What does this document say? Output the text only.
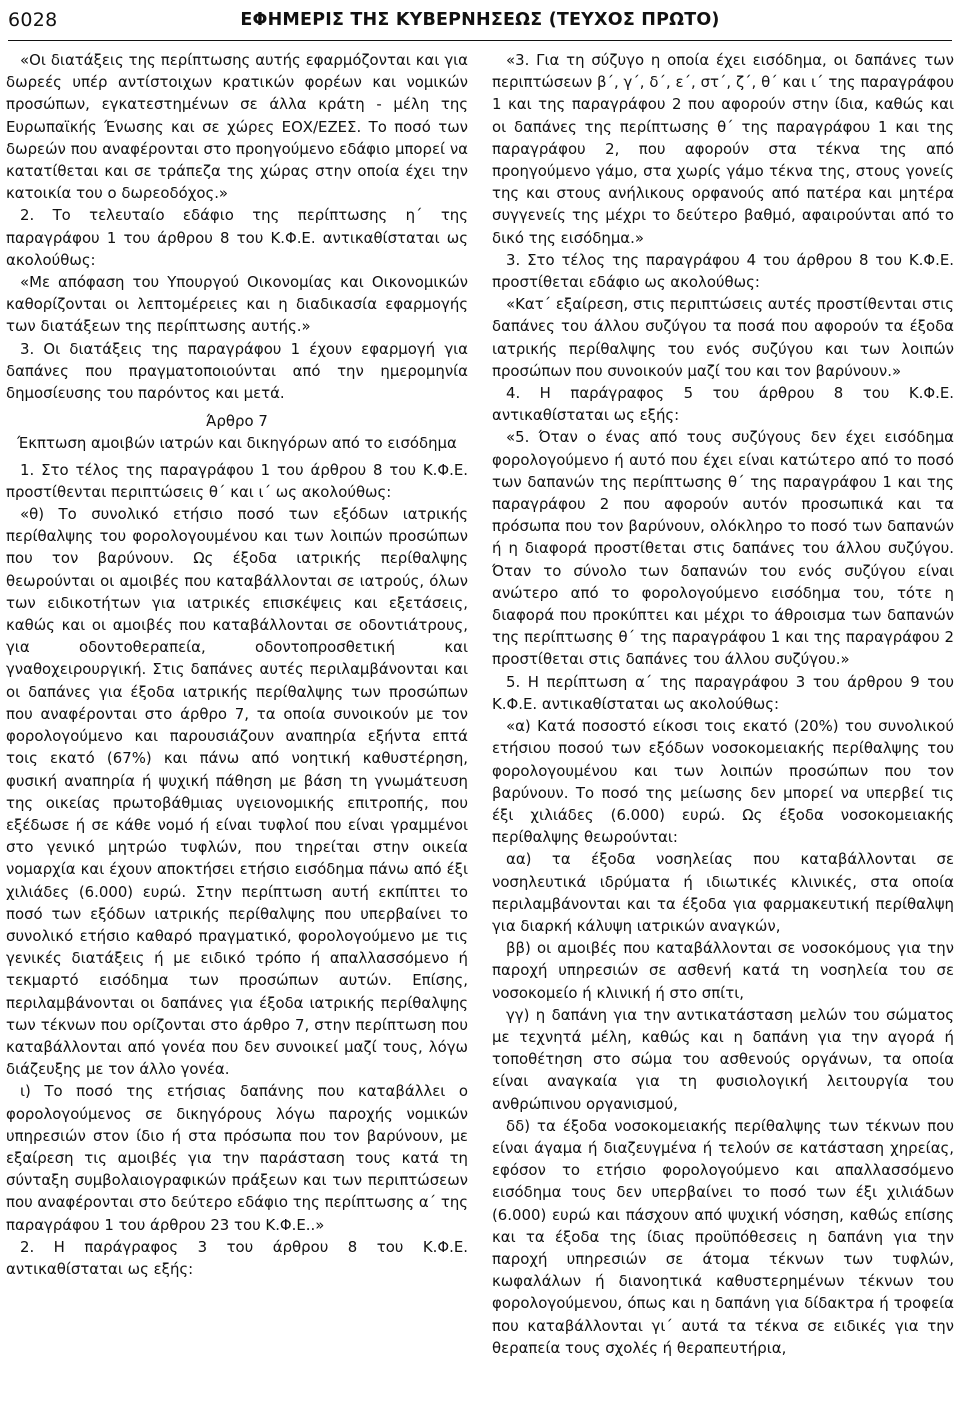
6028	ΕΦΗΜΕΡΙΣ ΤΗΣ ΚΥΒΕΡΝΗΣΕΩΣ (ΤΕΥΧΟΣ ΠΡΩΤΟ)

«Οι διατάξεις της περίπτωσης αυτής εφαρμόζονται και για δωρεές υπέρ αντίστοιχων κρατικών φορέων και νομικών προσώπων, εγκατεστημένων σε άλλα κράτη - μέλη της Ευρωπαϊκής Ένωσης και σε χώρες ΕΟΧ/ΕΖΕΣ. Το ποσό των δωρεών που αναφέρονται στο προηγούμενο εδάφιο μπορεί να κατατίθεται και σε τράπεζα της χώρας στην οποία έχει την κατοικία του ο δωρεοδόχος.»

2. Το τελευταίο εδάφιο της περίπτωσης η΄ της παραγράφου 1 του άρθρου 8 του Κ.Φ.Ε. αντικαθίσταται ως ακολούθως:

«Με απόφαση του Υπουργού Οικονομίας και Οικονομικών καθορίζονται οι λεπτομέρειες και η διαδικασία εφαρμογής των διατάξεων της περίπτωσης αυτής.»

3. Οι διατάξεις της παραγράφου 1 έχουν εφαρμογή για δαπάνες που πραγματοποιούνται από την ημερομηνία δημοσίευσης του παρόντος και μετά.

Άρθρο 7

Έκπτωση αμοιβών ιατρών και δικηγόρων από το εισόδημα

1. Στο τέλος της παραγράφου 1 του άρθρου 8 του Κ.Φ.Ε. προστίθενται περιπτώσεις θ΄ και ι΄ ως ακολούθως:

«θ) Το συνολικό ετήσιο ποσό των εξόδων ιατρικής περίθαλψης του φορολογουμένου και των λοιπών προσώπων που τον βαρύνουν. Ως έξοδα ιατρικής περίθαλψης θεωρούνται οι αμοιβές που καταβάλλονται σε ιατρούς, όλων των ειδικοτήτων για ιατρικές επισκέψεις και εξετάσεις, καθώς και οι αμοιβές που καταβάλλονται σε οδοντιάτρους, για οδοντοθεραπεία, οδοντοπροσθετική και γναθοχειρουργική. Στις δαπάνες αυτές περιλαμβάνονται και οι δαπάνες για έξοδα ιατρικής περίθαλψης των προσώπων που αναφέρονται στο άρθρο 7, τα οποία συνοικούν με τον φορολογούμενο και παρουσιάζουν αναπηρία εξήντα επτά τοις εκατό (67%) και πάνω από νοητική καθυστέρηση, φυσική αναπηρία ή ψυχική πάθηση με βάση τη γνωμάτευση της οικείας πρωτοβάθμιας υγειονομικής επιτροπής, που εξέδωσε ή σε κάθε νομό ή είναι τυφλοί που είναι γραμμένοι στο γενικό μητρώο τυφλών, που τηρείται στην οικεία νομαρχία και έχουν αποκτήσει ετήσιο εισόδημα πάνω από έξι χιλιάδες (6.000) ευρώ. Στην περίπτωση αυτή εκπίπτει το ποσό των εξόδων ιατρικής περίθαλψης που υπερβαίνει το συνολικό ετήσιο καθαρό πραγματικό, φορολογούμενο με τις γενικές διατάξεις ή με ειδικό τρόπο ή απαλλασσόμενο ή τεκμαρτό εισόδημα των προσώπων αυτών. Επίσης, περιλαμβάνονται οι δαπάνες για έξοδα ιατρικής περίθαλψης των τέκνων που ορίζονται στο άρθρο 7, στην περίπτωση που καταβάλλονται από γονέα που δεν συνοικεί μαζί τους, λόγω διάζευξης με τον άλλο γονέα.

ι) Το ποσό της ετήσιας δαπάνης που καταβάλλει ο φορολογούμενος σε δικηγόρους λόγω παροχής νομικών υπηρεσιών στον ίδιο ή στα πρόσωπα που τον βαρύνουν, με εξαίρεση τις αμοιβές για την παράσταση τους κατά τη σύνταξη συμβολαιογραφικών πράξεων και των περιπτώσεων που αναφέρονται στο δεύτερο εδάφιο της περίπτωσης α΄ της παραγράφου 1 του άρθρου 23 του Κ.Φ.Ε..»

2. Η παράγραφος 3 του άρθρου 8 του Κ.Φ.Ε. αντικαθίσταται ως εξής:

«3. Για τη σύζυγο η οποία έχει εισόδημα, οι δαπάνες των περιπτώσεων β΄, γ΄, δ΄, ε΄, στ΄, ζ΄, θ΄ και ι΄ της παραγράφου 1 και της παραγράφου 2 που αφορούν στην ίδια, καθώς και οι δαπάνες της περίπτωσης θ΄ της παραγράφου 1 και της παραγράφου 2, που αφορούν στα τέκνα της από προηγούμενο γάμο, στα χωρίς γάμο τέκνα της, στους γονείς της και στους ανήλικους ορφανούς από πατέρα και μητέρα συγγενείς της μέχρι το δεύτερο βαθμό, αφαιρούνται από το δικό της εισόδημα.»

3. Στο τέλος της παραγράφου 4 του άρθρου 8 του Κ.Φ.Ε. προστίθεται εδάφιο ως ακολούθως:

«Κατ΄ εξαίρεση, στις περιπτώσεις αυτές προστίθενται στις δαπάνες του άλλου συζύγου τα ποσά που αφορούν τα έξοδα ιατρικής περίθαλψης του ενός συζύγου και των λοιπών προσώπων που συνοικούν μαζί του και τον βαρύνουν.»

4. Η παράγραφος 5 του άρθρου 8 του Κ.Φ.Ε. αντικαθίσταται ως εξής:

«5. Όταν ο ένας από τους συζύγους δεν έχει εισόδημα φορολογούμενο ή αυτό που έχει είναι κατώτερο από το ποσό των δαπανών της περίπτωσης θ΄ της παραγράφου 1 και της παραγράφου 2 που αφορούν αυτόν προσωπικά και τα πρόσωπα που τον βαρύνουν, ολόκληρο το ποσό των δαπανών ή η διαφορά προστίθεται στις δαπάνες του άλλου συζύγου. Όταν το σύνολο των δαπανών του ενός συζύγου είναι ανώτερο από το φορολογούμενο εισόδημα του, τότε η διαφορά που προκύπτει και μέχρι το άθροισμα των δαπανών της περίπτωσης θ΄ της παραγράφου 1 και της παραγράφου 2 προστίθεται στις δαπάνες του άλλου συζύγου.»

5. Η περίπτωση α΄ της παραγράφου 3 του άρθρου 9 του Κ.Φ.Ε. αντικαθίσταται ως ακολούθως:

«α) Κατά ποσοστό είκοσι τοις εκατό (20%) του συνολικού ετήσιου ποσού των εξόδων νοσοκομειακής περίθαλψης του φορολογουμένου και των λοιπών προσώπων που τον βαρύνουν. Το ποσό της μείωσης δεν μπορεί να υπερβεί τις έξι χιλιάδες (6.000) ευρώ. Ως έξοδα νοσοκομειακής περίθαλψης θεωρούνται:

αα) τα έξοδα νοσηλείας που καταβάλλονται σε νοσηλευτικά ιδρύματα ή ιδιωτικές κλινικές, στα οποία περιλαμβάνονται και τα έξοδα για φαρμακευτική περίθαλψη για διαρκή κάλυψη ιατρικών αναγκών,

ββ) οι αμοιβές που καταβάλλονται σε νοσοκόμους για την παροχή υπηρεσιών σε ασθενή κατά τη νοσηλεία του σε νοσοκομείο ή κλινική ή στο σπίτι,

γγ) η δαπάνη για την αντικατάσταση μελών του σώματος με τεχνητά μέλη, καθώς και η δαπάνη για την αγορά ή τοποθέτηση στο σώμα του ασθενούς οργάνων, τα οποία είναι αναγκαία για τη φυσιολογική λειτουργία του ανθρώπινου οργανισμού,

δδ) τα έξοδα νοσοκομειακής περίθαλψης των τέκνων που είναι άγαμα ή διαζευγμένα ή τελούν σε κατάσταση χηρείας, εφόσον το ετήσιο φορολογούμενο και απαλλασσόμενο εισόδημα τους δεν υπερβαίνει το ποσό των έξι χιλιάδων (6.000) ευρώ και πάσχουν από ψυχική νόσηση, καθώς επίσης και τα έξοδα της ίδιας προϋπόθεσεις η δαπάνη για την παροχή υπηρεσιών σε άτομα τέκνων των τυφλών, κωφαλάλων ή διανοητικά καθυστερημένων τέκνων του φορολογούμενου, όπως και η δαπάνη για δίδακτρα ή τροφεία που καταβάλλονται γι΄ αυτά τα τέκνα σε ειδικές για την θεραπεία τους σχολές ή θεραπευτήρια,
